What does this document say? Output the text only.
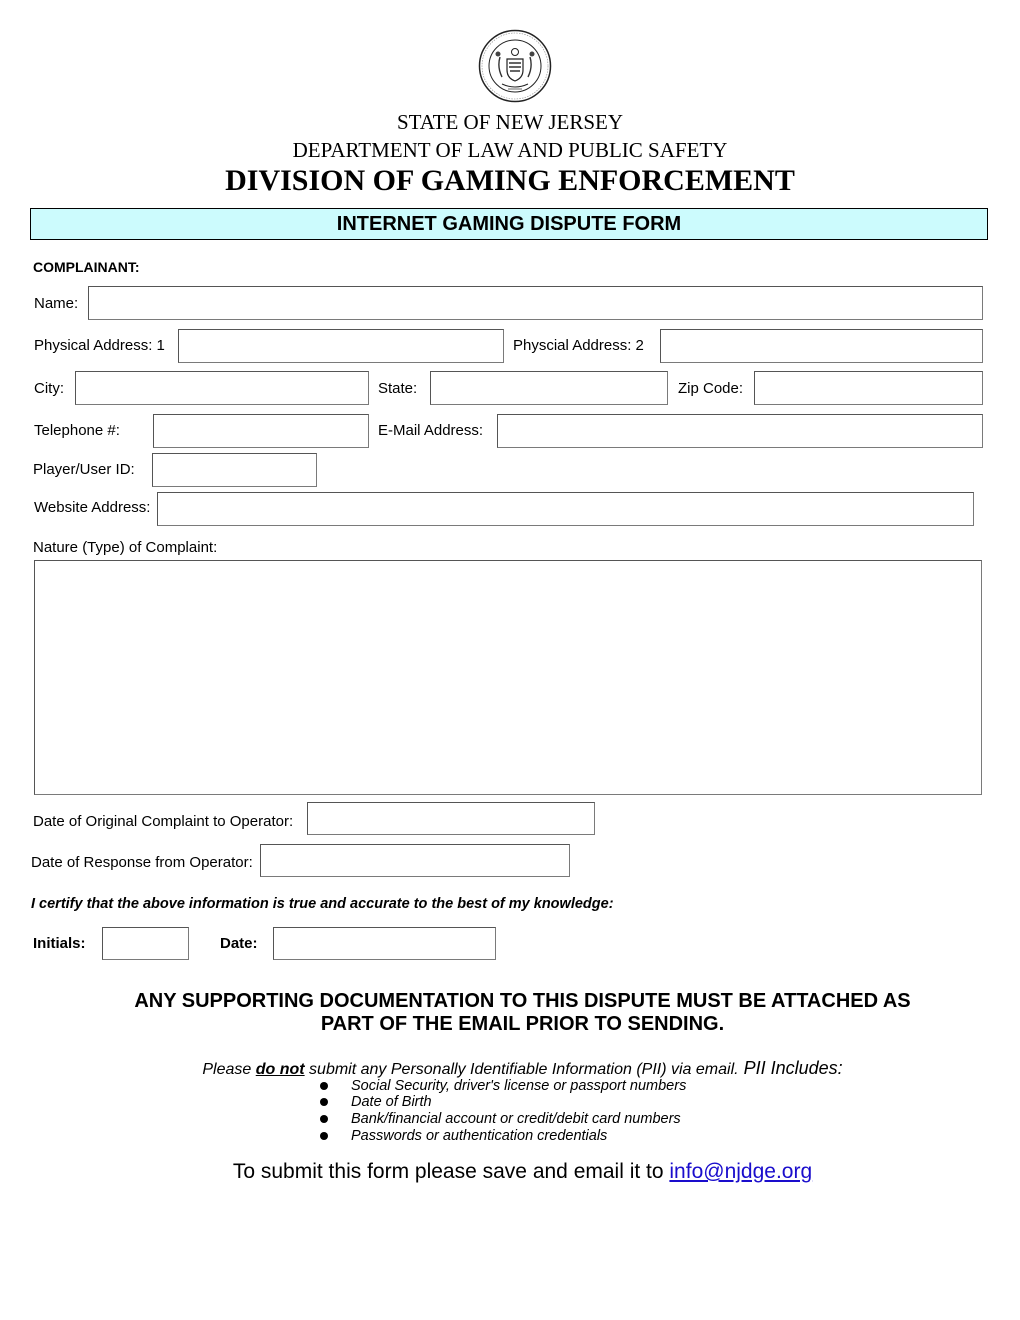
STATE OF NEW JERSEY
DEPARTMENT OF LAW AND PUBLIC SAFETY
DIVISION OF GAMING ENFORCEMENT
INTERNET GAMING DISPUTE FORM
COMPLAINANT:
Name:
Physical Address: 1	Physcial Address: 2
City:	State:	Zip Code:
Telephone #:	E-Mail Address:
Player/User ID:
Website Address:
Nature (Type) of Complaint:
Date of Original Complaint to Operator:
Date of Response from Operator:
I certify that the above information is true and accurate to the best of my knowledge:
Initials:	Date:
ANY SUPPORTING DOCUMENTATION TO THIS DISPUTE MUST BE ATTACHED AS
PART OF THE EMAIL PRIOR TO SENDING.
Please do not submit any Personally Identifiable Information (PII) via email. PII Includes:
Social Security, driver's license or passport numbers
Date of Birth
Bank/financial account or credit/debit card numbers
Passwords or authentication credentials
To submit this form please save and email it to info@njdge.org
